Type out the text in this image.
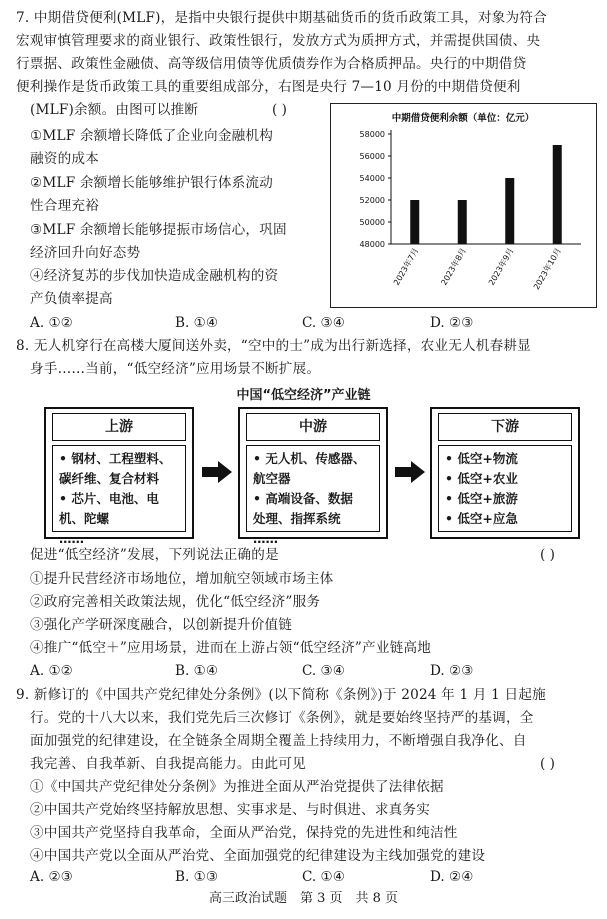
7. 中期借贷便利(MLF)，是指中央银行提供中期基础货币的货币政策工具，对象为符合
宏观审慎管理要求的商业银行、政策性银行，发放方式为质押方式，并需提供国债、央
行票据、政策性金融债、高等级信用债等优质债券作为合格质押品。央行的中期借贷
便利操作是货币政策工具的重要组成部分，右图是央行 7—10 月份的中期借贷便利
(MLF)余额。由图可以推断	( )
①MLF 余额增长降低了企业向金融机构
融资的成本
②MLF 余额增长能够维护银行体系流动
性合理充裕
③MLF 余额增长能够提振市场信心，巩固
经济回升向好态势
④经济复苏的步伐加快造成金融机构的资
产负债率提高
A. ①②	B. ①④	C. ③④	D. ②③
中期借贷便利余额（单位：亿元）
48000
50000
52000
54000
56000
58000
2023年7月 2023年8月 2023年9月 2023年10月
8. 无人机穿行在高楼大厦间送外卖，“空中的士”成为出行新选择，农业无人机春耕显
身手……当前，“低空经济”应用场景不断扩展。
中国“低空经济”产业链
上游
• 钢材、工程塑料、
碳纤维、复合材料
• 芯片、电池、电
机、陀螺
……
中游
• 无人机、传感器、
航空器
• 高端设备、数据
处理、指挥系统
……
下游
• 低空+物流
• 低空+农业
• 低空+旅游
• 低空+应急
促进“低空经济”发展，下列说法正确的是	( )
①提升民营经济市场地位，增加航空领域市场主体
②政府完善相关政策法规，优化“低空经济”服务
③强化产学研深度融合，以创新提升价值链
④推广“低空＋”应用场景，进而在上游占领“低空经济”产业链高地
A. ①②	B. ①④	C. ③④	D. ②③
9. 新修订的《中国共产党纪律处分条例》(以下简称《条例》)于 2024 年 1 月 1 日起施
行。党的十八大以来，我们党先后三次修订《条例》，就是要始终坚持严的基调，全
面加强党的纪律建设，在全链条全周期全覆盖上持续用力，不断增强自我净化、自
我完善、自我革新、自我提高能力。由此可见	( )
①《中国共产党纪律处分条例》为推进全面从严治党提供了法律依据
②中国共产党始终坚持解放思想、实事求是、与时俱进、求真务实
③中国共产党坚持自我革命，全面从严治党，保持党的先进性和纯洁性
④中国共产党以全面从严治党、全面加强党的纪律建设为主线加强党的建设
A. ②③	B. ①③	C. ①④	D. ②④
高三政治试题　第 3 页　共 8 页
